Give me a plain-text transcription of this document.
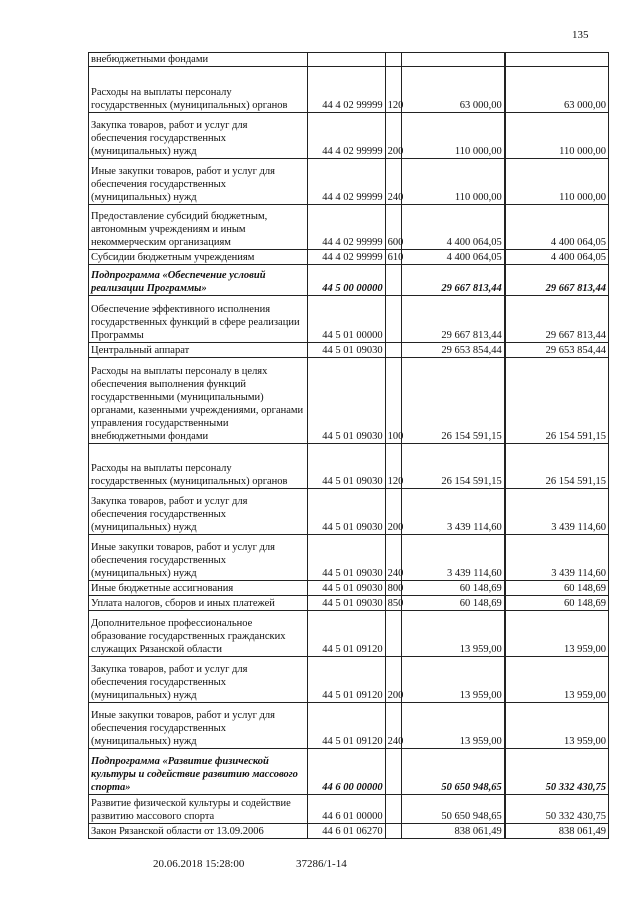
135
внебюджетными фондами					
Расходы на выплаты персоналу государственных (муниципальных) органов	44 4 02 99999	120	63 000,00		63 000,00
Закупка товаров, работ и услуг для обеспечения государственных (муниципальных) нужд	44 4 02 99999	200	110 000,00		110 000,00
Иные закупки товаров, работ и услуг для обеспечения государственных (муниципальных) нужд	44 4 02 99999	240	110 000,00		110 000,00
Предоставление субсидий бюджетным, автономным учреждениям и иным некоммерческим организациям	44 4 02 99999	600	4 400 064,05		4 400 064,05
Субсидии бюджетным учреждениям	44 4 02 99999	610	4 400 064,05		4 400 064,05
Подпрограмма «Обеспечение условий реализации Программы»	44 5 00 00000		29 667 813,44		29 667 813,44
Обеспечение эффективного исполнения государственных функций в сфере реализации Программы	44 5 01 00000		29 667 813,44		29 667 813,44
Центральный аппарат	44 5 01 09030		29 653 854,44		29 653 854,44
Расходы на выплаты персоналу в целях обеспечения выполнения функций государственными (муниципальными) органами, казенными учреждениями, органами управления государственными внебюджетными фондами	44 5 01 09030	100	26 154 591,15		26 154 591,15
Расходы на выплаты персоналу государственных (муниципальных) органов	44 5 01 09030	120	26 154 591,15		26 154 591,15
Закупка товаров, работ и услуг для обеспечения государственных (муниципальных) нужд	44 5 01 09030	200	3 439 114,60		3 439 114,60
Иные закупки товаров, работ и услуг для обеспечения государственных (муниципальных) нужд	44 5 01 09030	240	3 439 114,60		3 439 114,60
Иные бюджетные ассигнования	44 5 01 09030	800	60 148,69		60 148,69
Уплата налогов, сборов и иных платежей	44 5 01 09030	850	60 148,69		60 148,69
Дополнительное профессиональное образование государственных гражданских служащих Рязанской области	44 5 01 09120		13 959,00		13 959,00
Закупка товаров, работ и услуг для обеспечения государственных (муниципальных) нужд	44 5 01 09120	200	13 959,00		13 959,00
Иные закупки товаров, работ и услуг для обеспечения государственных (муниципальных) нужд	44 5 01 09120	240	13 959,00		13 959,00
Подпрограмма «Развитие физической культуры и содействие развитию массового спорта»	44 6 00 00000		50 650 948,65		50 332 430,75
Развитие физической культуры и содействие развитию массового спорта	44 6 01 00000		50 650 948,65		50 332 430,75
Закон Рязанской области от 13.09.2006	44 6 01 06270		838 061,49		838 061,49
20.06.2018 15:28:00	37286/1-14
